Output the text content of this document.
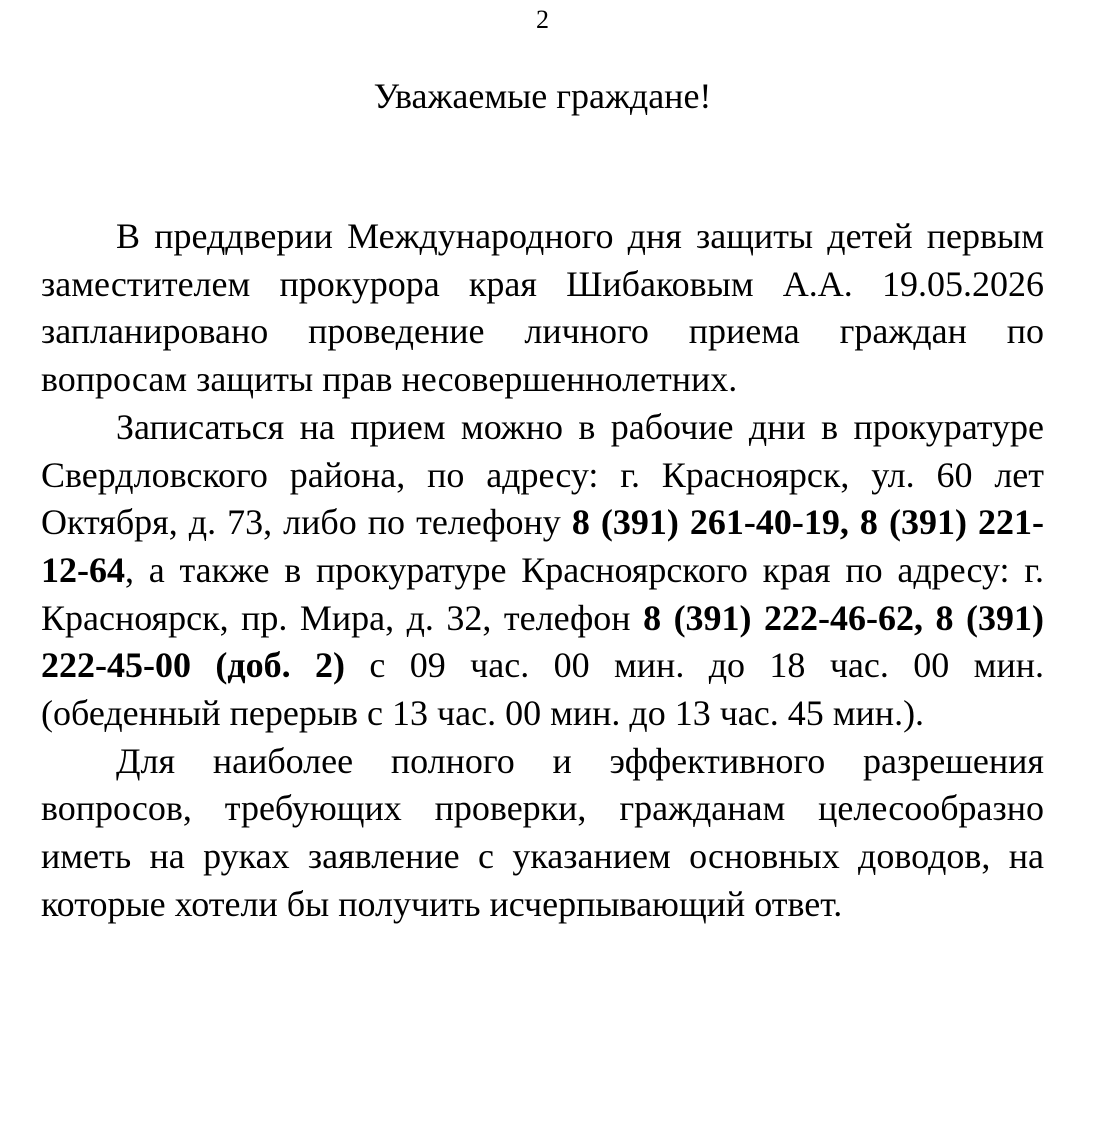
2
Уважаемые граждане!

В преддверии Международного дня защиты детей первым заместителем прокурора края Шибаковым А.А. 19.05.2026 запланировано проведение личного приема граждан по вопросам защиты прав несовершеннолетних.

Записаться на прием можно в рабочие дни в прокуратуре Свердловского района, по адресу: г. Красноярск, ул. 60 лет Октября, д. 73, либо по телефону 8 (391) 261-40-19, 8 (391) 221-12-64, а также в прокуратуре Красноярского края по адресу: г. Красноярск, пр. Мира, д. 32, телефон 8 (391) 222-46-62, 8 (391) 222-45-00 (доб. 2) с 09 час. 00 мин. до 18 час. 00 мин. (обеденный перерыв с 13 час. 00 мин. до 13 час. 45 мин.).

Для наиболее полного и эффективного разрешения вопросов, требующих проверки, гражданам целесообразно иметь на руках заявление с указанием основных доводов, на которые хотели бы получить исчерпывающий ответ.
